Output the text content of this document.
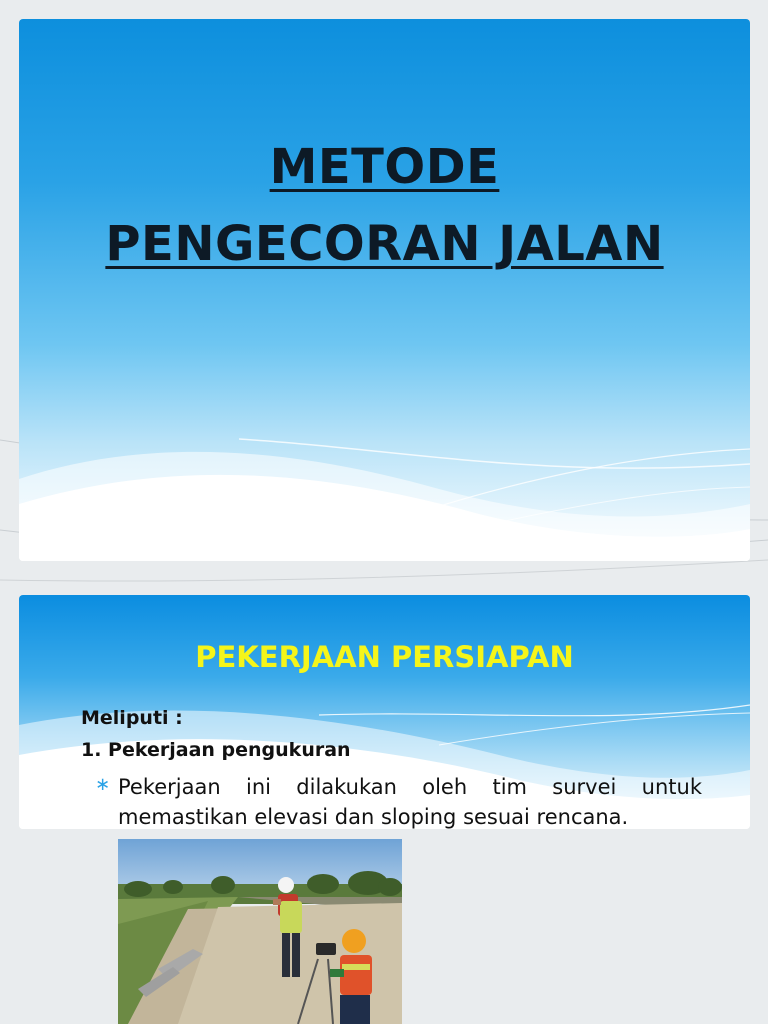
METODE
PENGECORAN JALAN
PEKERJAAN PERSIAPAN

Meliputi :

1. Pekerjaan pengukuran

∗ Pekerjaan ini dilakukan oleh tim survei untuk memastikan elevasi dan sloping sesuai rencana.
